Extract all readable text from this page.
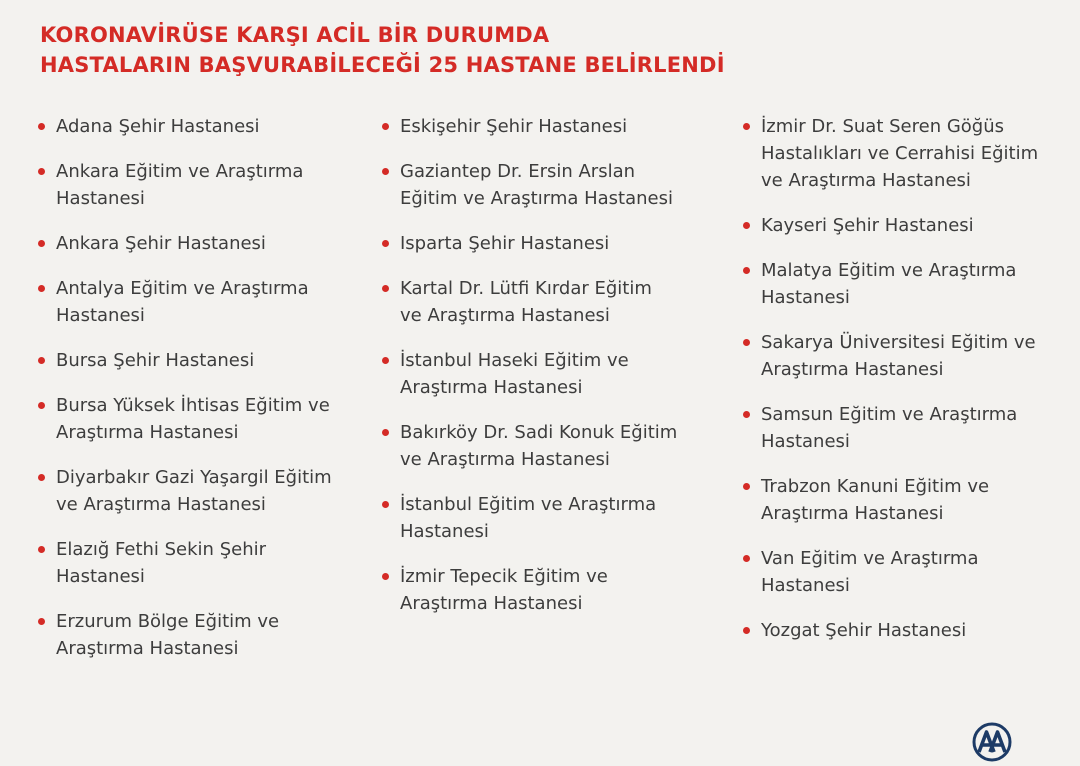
KORONAVİRÜSE KARŞI ACİL BİR DURUMDA
HASTALARIN BAŞVURABİLECEĞİ 25 HASTANE BELİRLENDİ
Adana Şehir Hastanesi
Ankara Eğitim ve Araştırma Hastanesi
Ankara Şehir Hastanesi
Antalya Eğitim ve Araştırma Hastanesi
Bursa Şehir Hastanesi
Bursa Yüksek İhtisas Eğitim ve Araştırma Hastanesi
Diyarbakır Gazi Yaşargil Eğitim ve Araştırma Hastanesi
Elazığ Fethi Sekin Şehir Hastanesi
Erzurum Bölge Eğitim ve Araştırma Hastanesi
Eskişehir Şehir Hastanesi
Gaziantep Dr. Ersin Arslan Eğitim ve Araştırma Hastanesi
Isparta Şehir Hastanesi
Kartal Dr. Lütfi Kırdar Eğitim ve Araştırma Hastanesi
İstanbul Haseki Eğitim ve Araştırma Hastanesi
Bakırköy Dr. Sadi Konuk Eğitim ve Araştırma Hastanesi
İstanbul Eğitim ve Araştırma Hastanesi
İzmir Tepecik Eğitim ve Araştırma Hastanesi
İzmir Dr. Suat Seren Göğüs Hastalıkları ve Cerrahisi Eğitim ve Araştırma Hastanesi
Kayseri Şehir Hastanesi
Malatya Eğitim ve Araştırma Hastanesi
Sakarya Üniversitesi Eğitim ve Araştırma Hastanesi
Samsun Eğitim ve Araştırma Hastanesi
Trabzon Kanuni Eğitim ve Araştırma Hastanesi
Van Eğitim ve Araştırma Hastanesi
Yozgat Şehir Hastanesi
